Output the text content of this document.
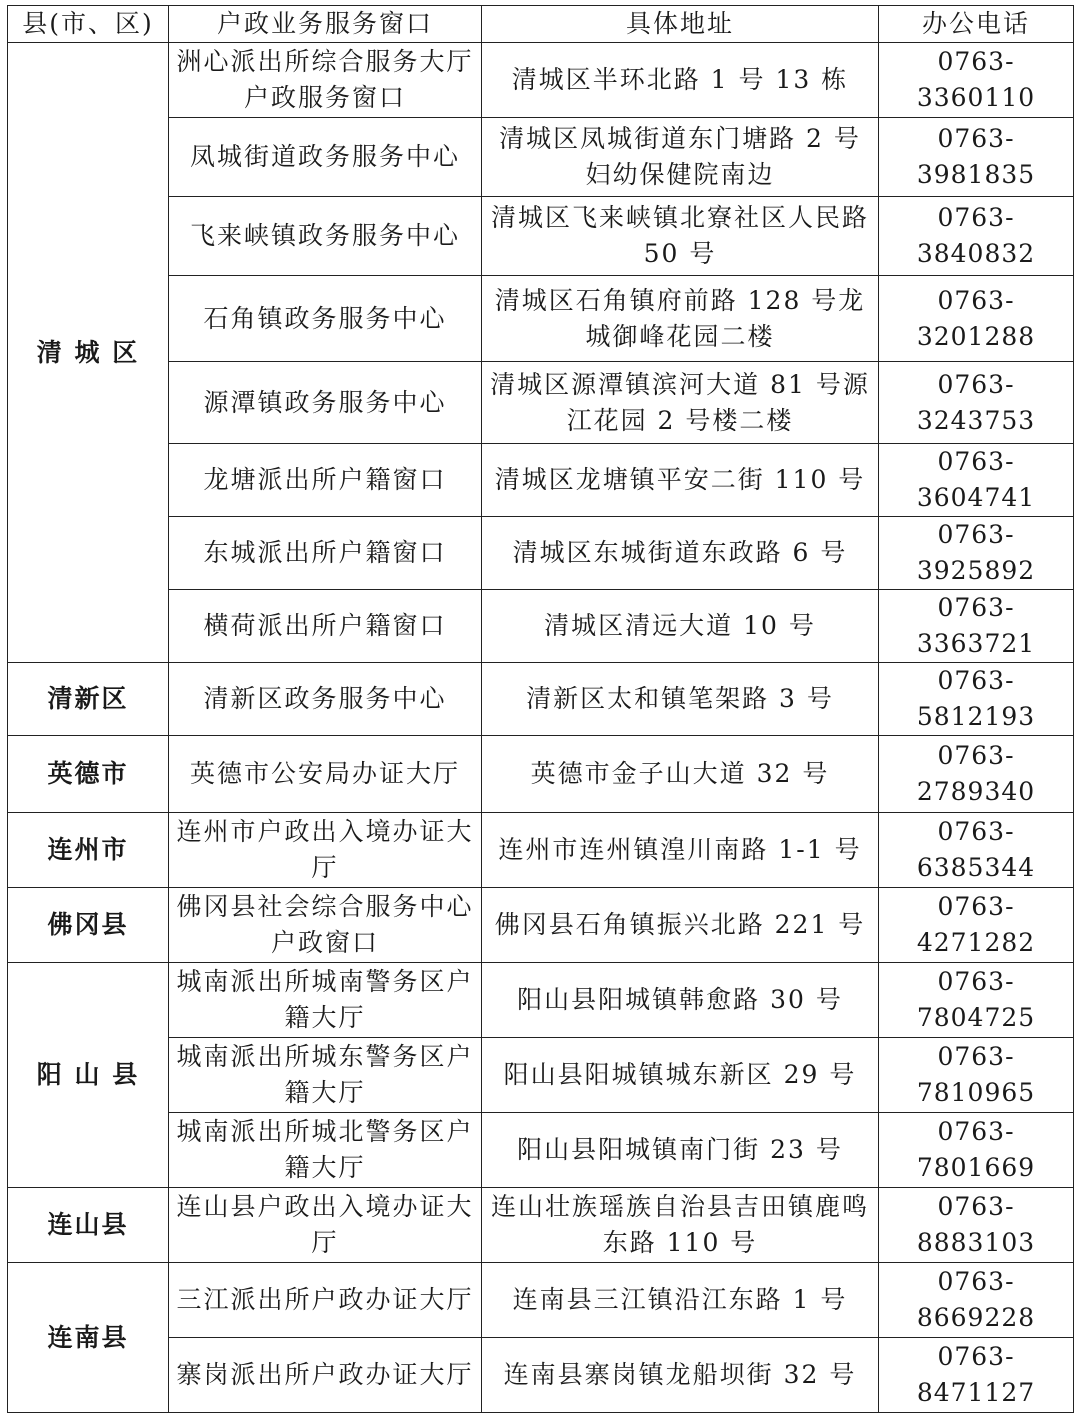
县(市、区)	户政业务服务窗口	具体地址	办公电话
清 城 区	洲心派出所综合服务大厅户政服务窗口	清城区半环北路 1 号 13 栋	0763-3360110
	凤城街道政务服务中心	清城区凤城街道东门塘路 2 号妇幼保健院南边	0763-3981835
	飞来峡镇政务服务中心	清城区飞来峡镇北寮社区人民路 50 号	0763-3840832
	石角镇政务服务中心	清城区石角镇府前路 128 号龙城御峰花园二楼	0763-3201288
	源潭镇政务服务中心	清城区源潭镇滨河大道 81 号源江花园 2 号楼二楼	0763-3243753
	龙塘派出所户籍窗口	清城区龙塘镇平安二街 110 号	0763-3604741
	东城派出所户籍窗口	清城区东城街道东政路 6 号	0763-3925892
	横荷派出所户籍窗口	清城区清远大道 10 号	0763-3363721
清新区	清新区政务服务中心	清新区太和镇笔架路 3 号	0763-5812193
英德市	英德市公安局办证大厅	英德市金子山大道 32 号	0763-2789340
连州市	连州市户政出入境办证大厅	连州市连州镇湟川南路 1-1 号	0763-6385344
佛冈县	佛冈县社会综合服务中心户政窗口	佛冈县石角镇振兴北路 221 号	0763-4271282
阳 山 县	城南派出所城南警务区户籍大厅	阳山县阳城镇韩愈路 30 号	0763-7804725
	城南派出所城东警务区户籍大厅	阳山县阳城镇城东新区 29 号	0763-7810965
	城南派出所城北警务区户籍大厅	阳山县阳城镇南门街 23 号	0763-7801669
连山县	连山县户政出入境办证大厅	连山壮族瑶族自治县吉田镇鹿鸣东路 110 号	0763-8883103
连南县	三江派出所户政办证大厅	连南县三江镇沿江东路 1 号	0763-8669228
	寨岗派出所户政办证大厅	连南县寨岗镇龙船坝街 32 号	0763-8471127
